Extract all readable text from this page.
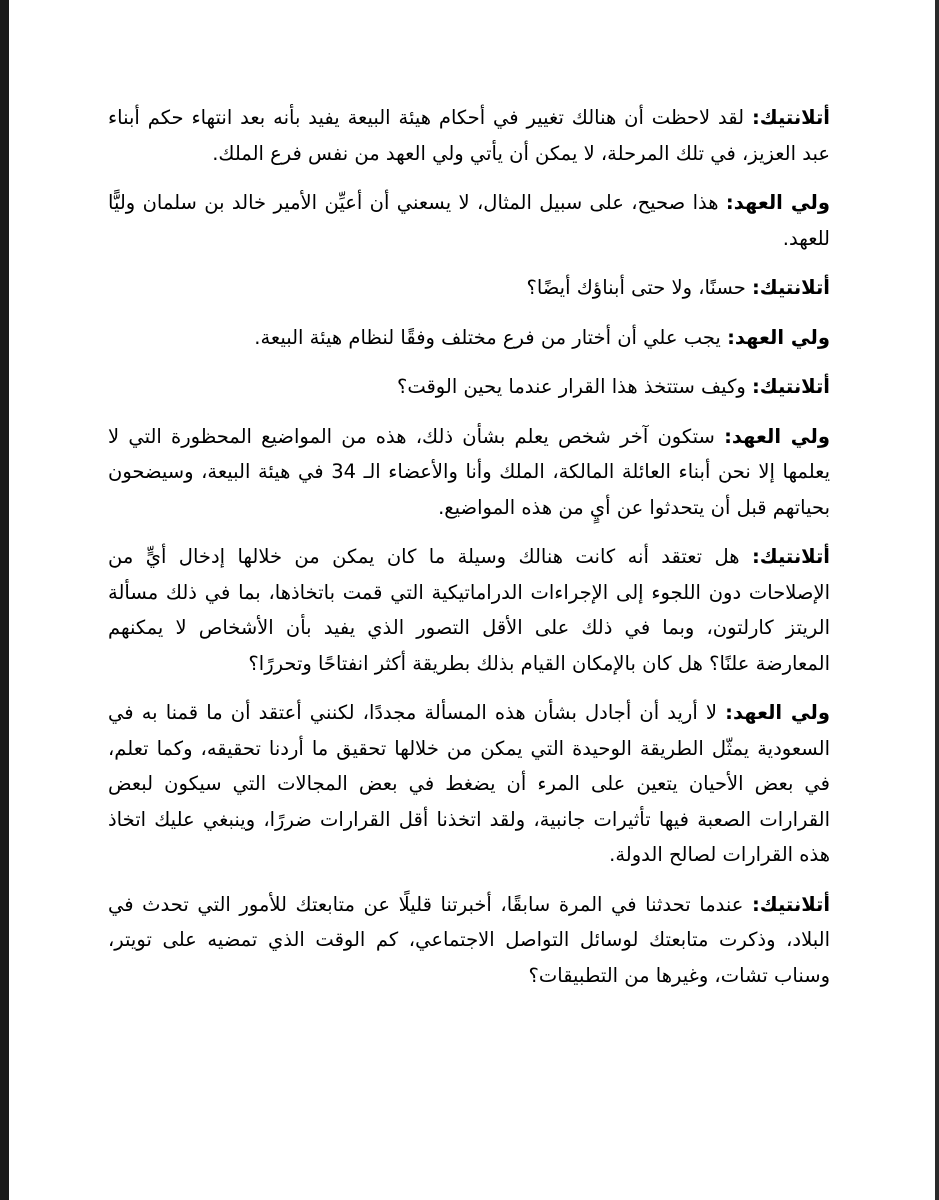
أتلانتيك: لقد لاحظت أن هنالك تغيير في أحكام هيئة البيعة يفيد بأنه بعد انتهاء حكم أبناء عبد العزيز، في تلك المرحلة، لا يمكن أن يأتي ولي العهد من نفس فرع الملك.

ولي العهد: هذا صحيح، على سبيل المثال، لا يسعني أن أعيِّن الأمير خالد بن سلمان وليًّا للعهد.

أتلانتيك: حسنًا، ولا حتى أبناؤك أيضًا؟

ولي العهد: يجب علي أن أختار من فرع مختلف وفقًا لنظام هيئة البيعة.

أتلانتيك: وكيف ستتخذ هذا القرار عندما يحين الوقت؟

ولي العهد: ستكون آخر شخص يعلم بشأن ذلك، هذه من المواضيع المحظورة التي لا يعلمها إلا نحن أبناء العائلة المالكة، الملك وأنا والأعضاء الـ 34 في هيئة البيعة، وسيضحون بحياتهم قبل أن يتحدثوا عن أيٍ من هذه المواضيع.

أتلانتيك: هل تعتقد أنه كانت هنالك وسيلة ما كان يمكن من خلالها إدخال أيٍّ من الإصلاحات دون اللجوء إلى الإجراءات الدراماتيكية التي قمت باتخاذها، بما في ذلك مسألة الريتز كارلتون، وبما في ذلك على الأقل التصور الذي يفيد بأن الأشخاص لا يمكنهم المعارضة علنًا؟ هل كان بالإمكان القيام بذلك بطريقة أكثر انفتاحًا وتحررًا؟

ولي العهد: لا أريد أن أجادل بشأن هذه المسألة مجددًا، لكنني أعتقد أن ما قمنا به في السعودية يمثّل الطريقة الوحيدة التي يمكن من خلالها تحقيق ما أردنا تحقيقه، وكما تعلم، في بعض الأحيان يتعين على المرء أن يضغط في بعض المجالات التي سيكون لبعض القرارات الصعبة فيها تأثيرات جانبية، ولقد اتخذنا أقل القرارات ضررًا، وينبغي عليك اتخاذ هذه القرارات لصالح الدولة.

أتلانتيك: عندما تحدثنا في المرة سابقًا، أخبرتنا قليلًا عن متابعتك للأمور التي تحدث في البلاد، وذكرت متابعتك لوسائل التواصل الاجتماعي، كم الوقت الذي تمضيه على تويتر، وسناب تشات، وغيرها من التطبيقات؟
